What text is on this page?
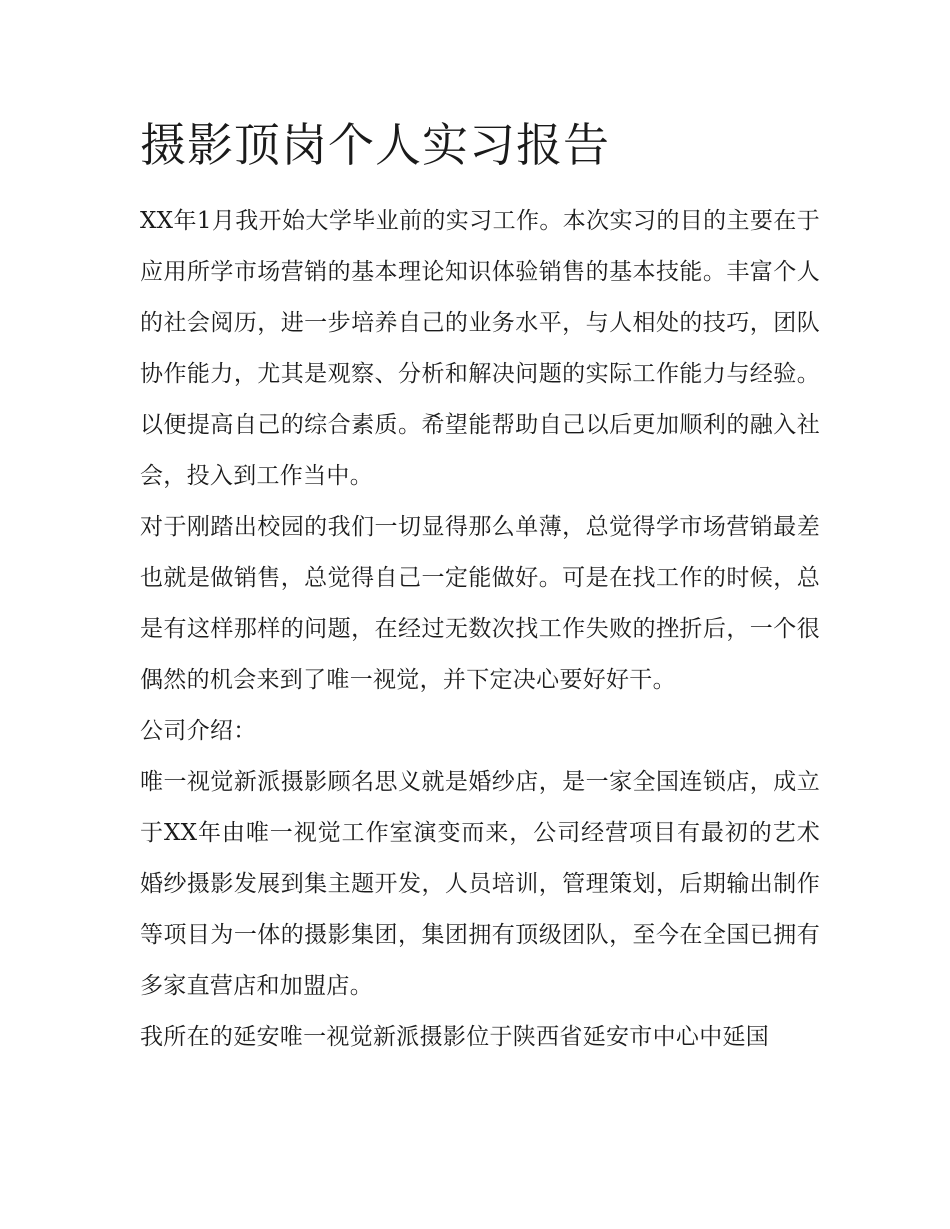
摄影顶岗个人实习报告

XX年1月我开始大学毕业前的实习工作。本次实习的目的主要在于应用所学市场营销的基本理论知识体验销售的基本技能。丰富个人的社会阅历，进一步培养自己的业务水平，与人相处的技巧，团队协作能力，尤其是观察、分析和解决问题的实际工作能力与经验。以便提高自己的综合素质。希望能帮助自己以后更加顺利的融入社会，投入到工作当中。

对于刚踏出校园的我们一切显得那么单薄，总觉得学市场营销最差也就是做销售，总觉得自己一定能做好。可是在找工作的时候，总是有这样那样的问题，在经过无数次找工作失败的挫折后，一个很偶然的机会来到了唯一视觉，并下定决心要好好干。

公司介绍：

唯一视觉新派摄影顾名思义就是婚纱店，是一家全国连锁店，成立于XX年由唯一视觉工作室演变而来，公司经营项目有最初的艺术婚纱摄影发展到集主题开发，人员培训，管理策划，后期输出制作等项目为一体的摄影集团，集团拥有顶级团队，至今在全国已拥有多家直营店和加盟店。

我所在的延安唯一视觉新派摄影位于陕西省延安市中心中延国
